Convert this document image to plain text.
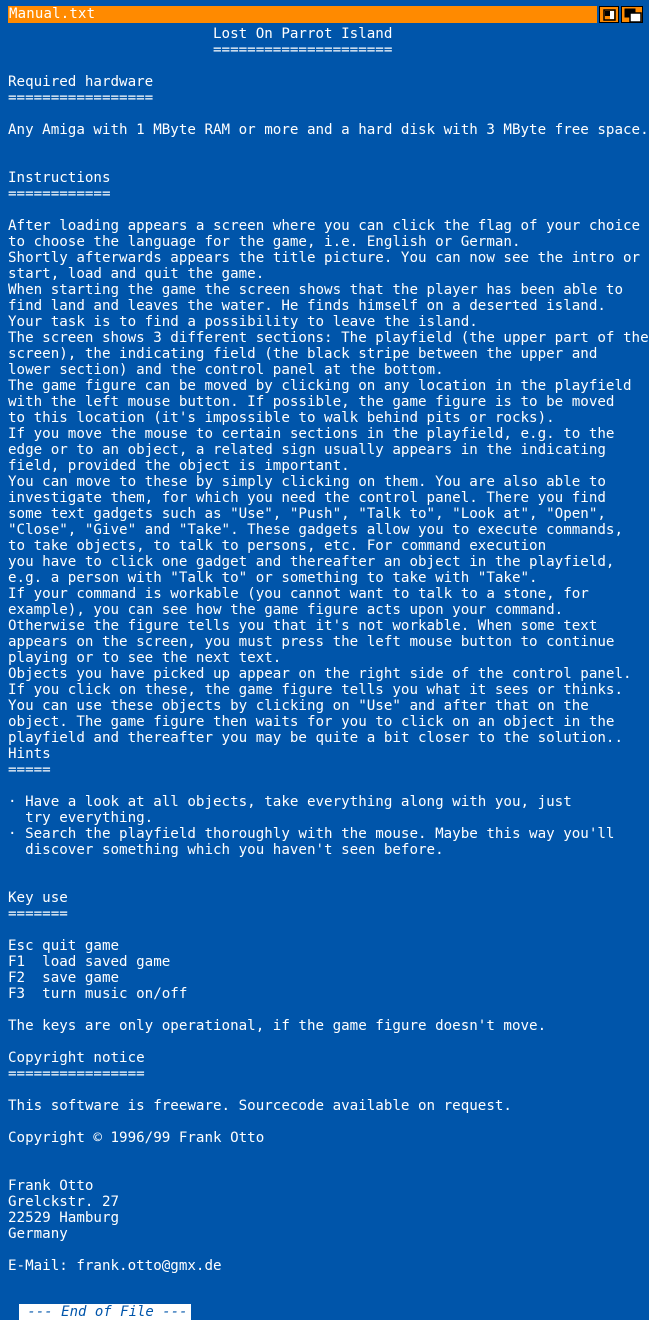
Manual.txt
Lost On Parrot Island
=====================
Required hardware
=================
Any Amiga with 1 MByte RAM or more and a hard disk with 3 MByte free space.
Instructions
============
After loading appears a screen where you can click the flag of your choice
to choose the language for the game, i.e. English or German.
Shortly afterwards appears the title picture. You can now see the intro or
start, load and quit the game.
When starting the game the screen shows that the player has been able to
find land and leaves the water. He finds himself on a deserted island.
Your task is to find a possibility to leave the island.
The screen shows 3 different sections: The playfield (the upper part of the
screen), the indicating field (the black stripe between the upper and
lower section) and the control panel at the bottom.
The game figure can be moved by clicking on any location in the playfield
with the left mouse button. If possible, the game figure is to be moved
to this location (it's impossible to walk behind pits or rocks).
If you move the mouse to certain sections in the playfield, e.g. to the
edge or to an object, a related sign usually appears in the indicating
field, provided the object is important.
You can move to these by simply clicking on them. You are also able to
investigate them, for which you need the control panel. There you find
some text gadgets such as "Use", "Push", "Talk to", "Look at", "Open",
"Close", "Give" and "Take". These gadgets allow you to execute commands,
to take objects, to talk to persons, etc. For command execution
you have to click one gadget and thereafter an object in the playfield,
e.g. a person with "Talk to" or something to take with "Take".
If your command is workable (you cannot want to talk to a stone, for
example), you can see how the game figure acts upon your command.
Otherwise the figure tells you that it's not workable. When some text
appears on the screen, you must press the left mouse button to continue
playing or to see the next text.
Objects you have picked up appear on the right side of the control panel.
If you click on these, the game figure tells you what it sees or thinks.
You can use these objects by clicking on "Use" and after that on the
object. The game figure then waits for you to click on an object in the
playfield and thereafter you may be quite a bit closer to the solution..
Hints
=====
· Have a look at all objects, take everything along with you, just
try everything.
· Search the playfield thoroughly with the mouse. Maybe this way you'll
discover something which you haven't seen before.
Key use
=======
Esc quit game
F1  load saved game
F2  save game
F3  turn music on/off
The keys are only operational, if the game figure doesn't move.
Copyright notice
================
This software is freeware. Sourcecode available on request.
Copyright © 1996/99 Frank Otto
Frank Otto
Grelckstr. 27
22529 Hamburg
Germany
E-Mail: frank.otto@gmx.de
--- End of File ---
